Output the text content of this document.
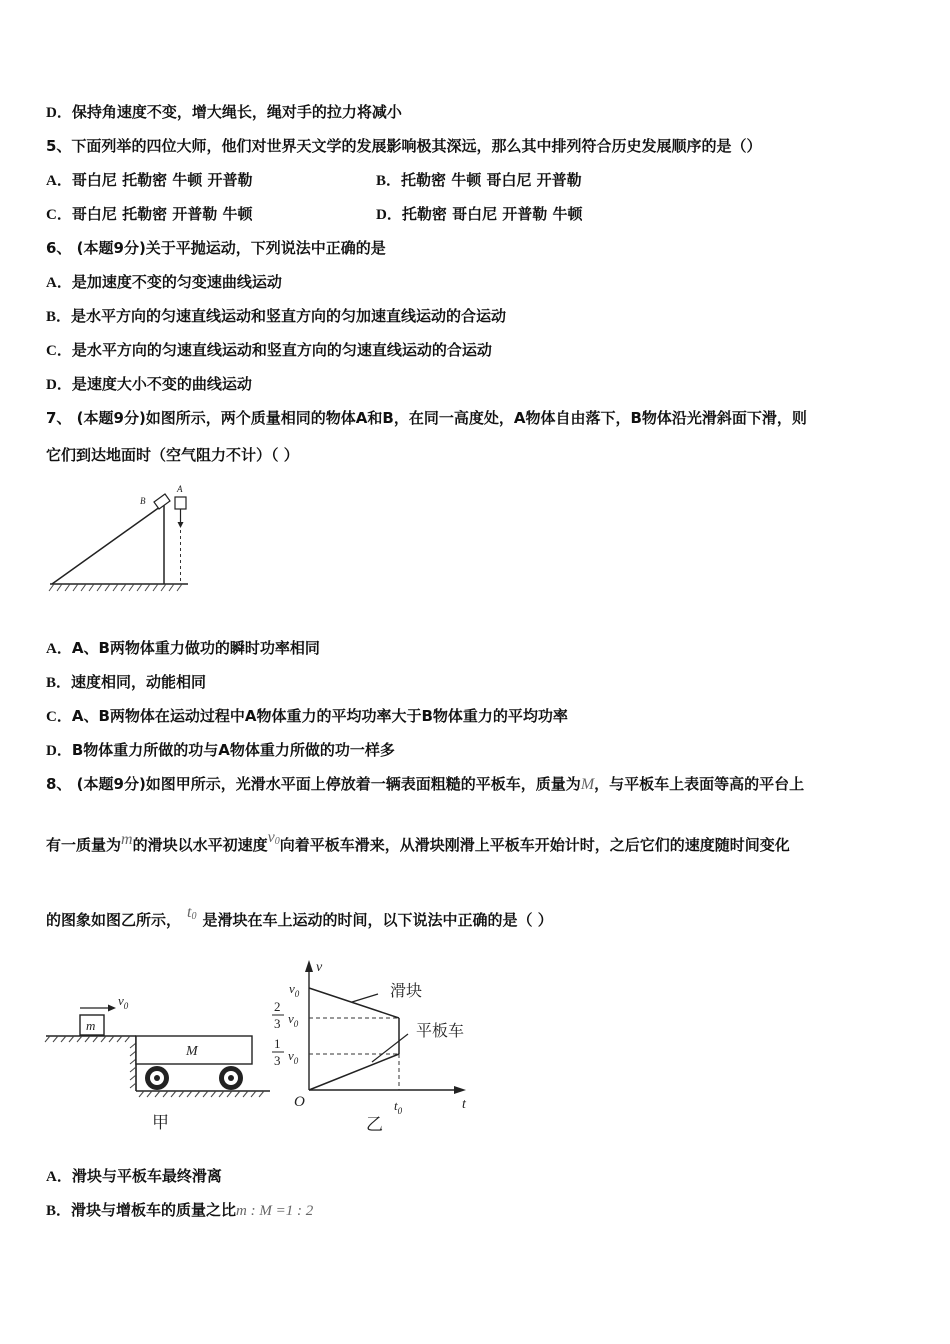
D．保持角速度不变，增大绳长，绳对手的拉力将减小
5、下面列举的四位大师，他们对世界天文学的发展影响极其深远，那么其中排列符合历史发展顺序的是（）
A．哥白尼 托勒密 牛顿 开普勒	B．托勒密 牛顿 哥白尼 开普勒
C．哥白尼 托勒密 开普勒 牛顿	D．托勒密 哥白尼 开普勒 牛顿
6、 (本题9分)关于平抛运动，下列说法中正确的是
A．是加速度不变的匀变速曲线运动
B．是水平方向的匀速直线运动和竖直方向的匀加速直线运动的合运动
C．是水平方向的匀速直线运动和竖直方向的匀速直线运动的合运动
D．是速度大小不变的曲线运动
7、 (本题9分)如图所示，两个质量相同的物体A和B，在同一高度处，A物体自由落下，B物体沿光滑斜面下滑，则
它们到达地面时（空气阻力不计）（ ）
B
A
A．A、B两物体重力做功的瞬时功率相同
B．速度相同，动能相同
C．A、B两物体在运动过程中A物体重力的平均功率大于B物体重力的平均功率
D．B物体重力所做的功与A物体重力所做的功一样多
8、 (本题9分)如图甲所示，光滑水平面上停放着一辆表面粗糙的平板车，质量为M，与平板车上表面等高的平台上
有一质量为m的滑块以水平初速度v0向着平板车滑来，从滑块刚滑上平板车开始计时，之后它们的速度随时间变化
的图象如图乙所示， t0 是滑块在车上运动的时间，以下说法中正确的是（ ）
m
$v_0$
M
甲
v
t
O
$v_0$
2
3 $v_0$
1
3 $v_0$
$t_0$
滑块
平板车
乙
A．滑块与平板车最终滑离
B．滑块与增板车的质量之比m : M =1 : 2
